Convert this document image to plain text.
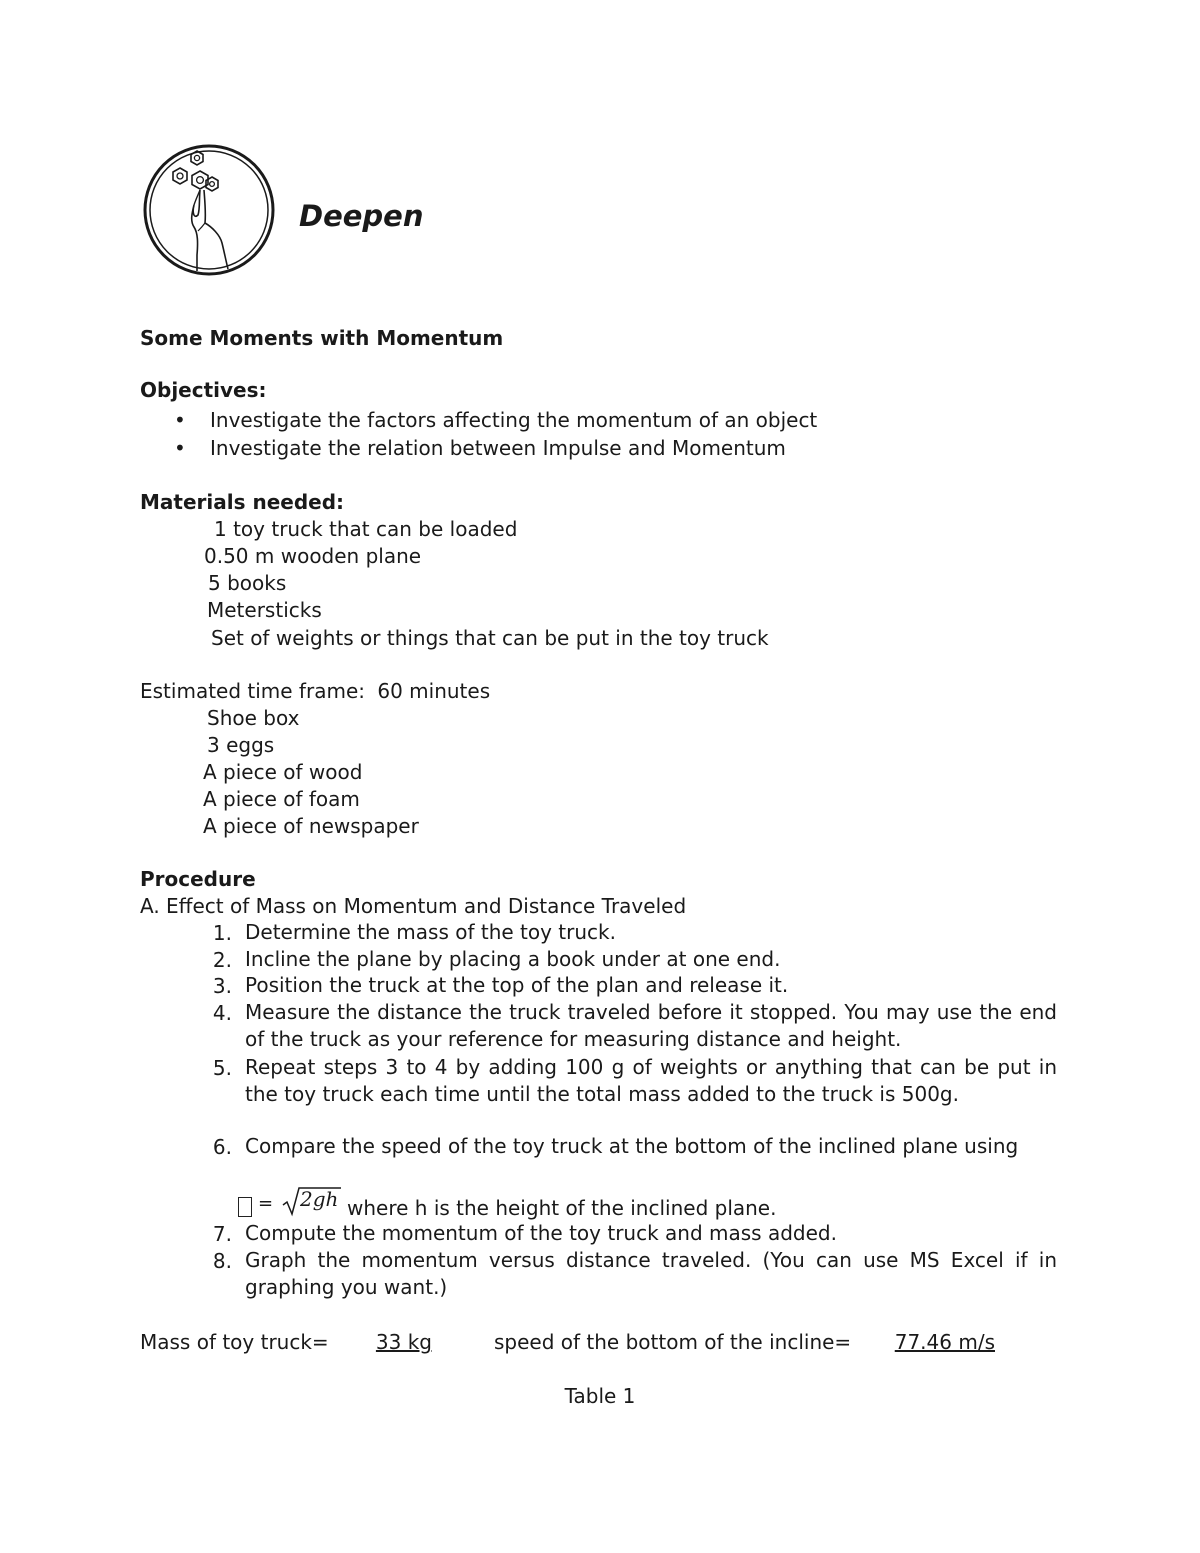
Deepen
Some Moments with Momentum
Objectives:
• Investigate the factors affecting the momentum of an object
• Investigate the relation between Impulse and Momentum
Materials needed:
1 toy truck that can be loaded
0.50 m wooden plane
5 books
Metersticks
Set of weights or things that can be put in the toy truck
Estimated time frame: 60 minutes
Shoe box
3 eggs
A piece of wood
A piece of foam
A piece of newspaper
Procedure
A. Effect of Mass on Momentum and Distance Traveled
1. Determine the mass of the toy truck.
2. Incline the plane by placing a book under at one end.
3. Position the truck at the top of the plan and release it.
4. Measure the distance the truck traveled before it stopped. You may use the end of the truck as your reference for measuring distance and height.
5. Repeat steps 3 to 4 by adding 100 g of weights or anything that can be put in the toy truck each time until the total mass added to the truck is 500g.
6. Compare the speed of the toy truck at the bottom of the inclined plane using
= 2gh where h is the height of the inclined plane.
7. Compute the momentum of the toy truck and mass added.
8. Graph the momentum versus distance traveled. (You can use MS Excel if in graphing you want.)
Mass of toy truck=	33 kg	speed of the bottom of the incline=	77.46 m/s
Table 1
